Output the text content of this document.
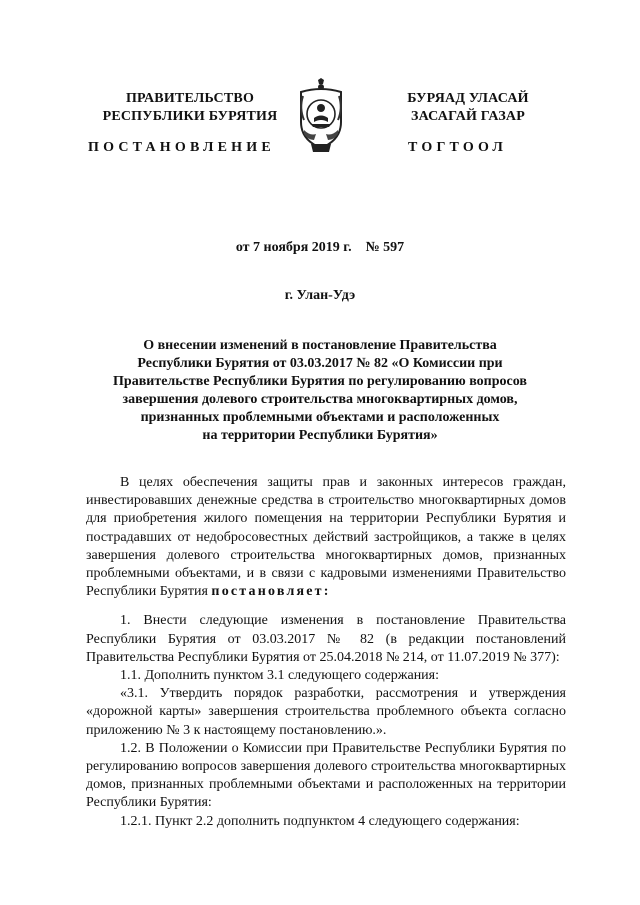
ПРАВИТЕЛЬСТВО
РЕСПУБЛИКИ БУРЯТИЯ
БУРЯАД УЛАСАЙ
ЗАСАГАЙ ГАЗАР
ПОСТАНОВЛЕНИЕ	ТОГТООЛ
от 7 ноября 2019 г.    № 597
г. Улан-Удэ
О внесении изменений в постановление Правительства
Республики Бурятия от 03.03.2017 № 82 «О Комиссии при
Правительстве Республики Бурятия по регулированию вопросов
завершения долевого строительства многоквартирных домов,
признанных проблемными объектами и расположенных
на территории Республики Бурятия»

В целях обеспечения защиты прав и законных интересов граждан, инвестировавших денежные средства в строительство многоквартирных домов для приобретения жилого помещения на территории Республики Бурятия и пострадавших от недобросовестных действий застройщиков, а также в целях завершения долевого строительства многоквартирных домов, признанных проблемными объектами, и в связи с кадровыми изменениями Правительство Республики Бурятия постановляет:

1. Внести следующие изменения в постановление Правительства Республики Бурятия от 03.03.2017 № 82 (в редакции постановлений Правительства Республики Бурятия от 25.04.2018 № 214, от 11.07.2019 № 377):

1.1. Дополнить пунктом 3.1 следующего содержания:

«3.1. Утвердить порядок разработки, рассмотрения и утверждения «дорожной карты» завершения строительства проблемного объекта согласно приложению № 3 к настоящему постановлению.».

1.2. В Положении о Комиссии при Правительстве Республики Бурятия по регулированию вопросов завершения долевого строительства многоквартирных домов, признанных проблемными объектами и расположенных на территории Республики Бурятия:

1.2.1. Пункт 2.2 дополнить подпунктом 4 следующего содержания:
